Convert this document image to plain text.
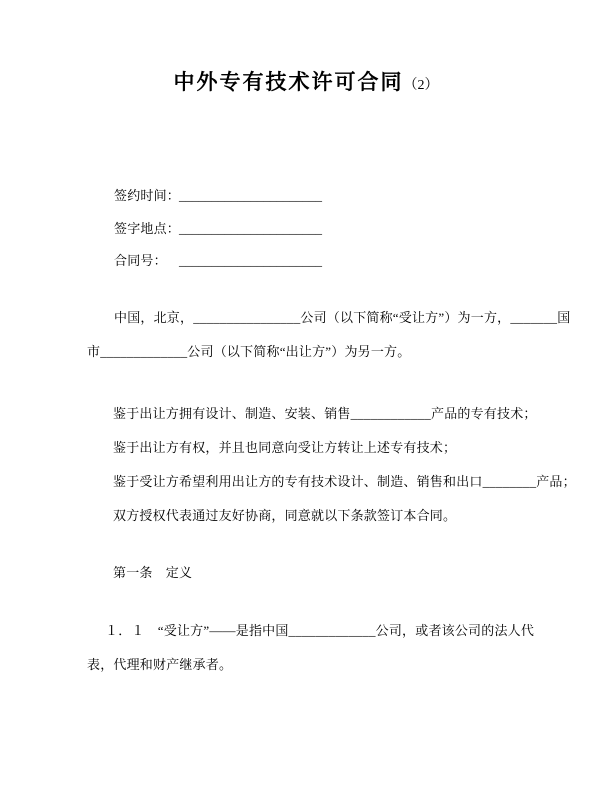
中外专有技术许可合同（2）
签约时间：______________________
签字地点：______________________
合同号： ______________________
中国，北京，________________公司（以下简称“受让方”）为一方，_______国
市_____________公司（以下简称“出让方”）为另一方。
鉴于出让方拥有设计、制造、安装、销售____________产品的专有技术；
鉴于出让方有权，并且也同意向受让方转让上述专有技术；
鉴于受让方希望利用出让方的专有技术设计、制造、销售和出口________产品；
双方授权代表通过友好协商，同意就以下条款签订本合同。
第一条　定义
１．１　“受让方”——是指中国_____________公司，或者该公司的法人代
表，代理和财产继承者。
